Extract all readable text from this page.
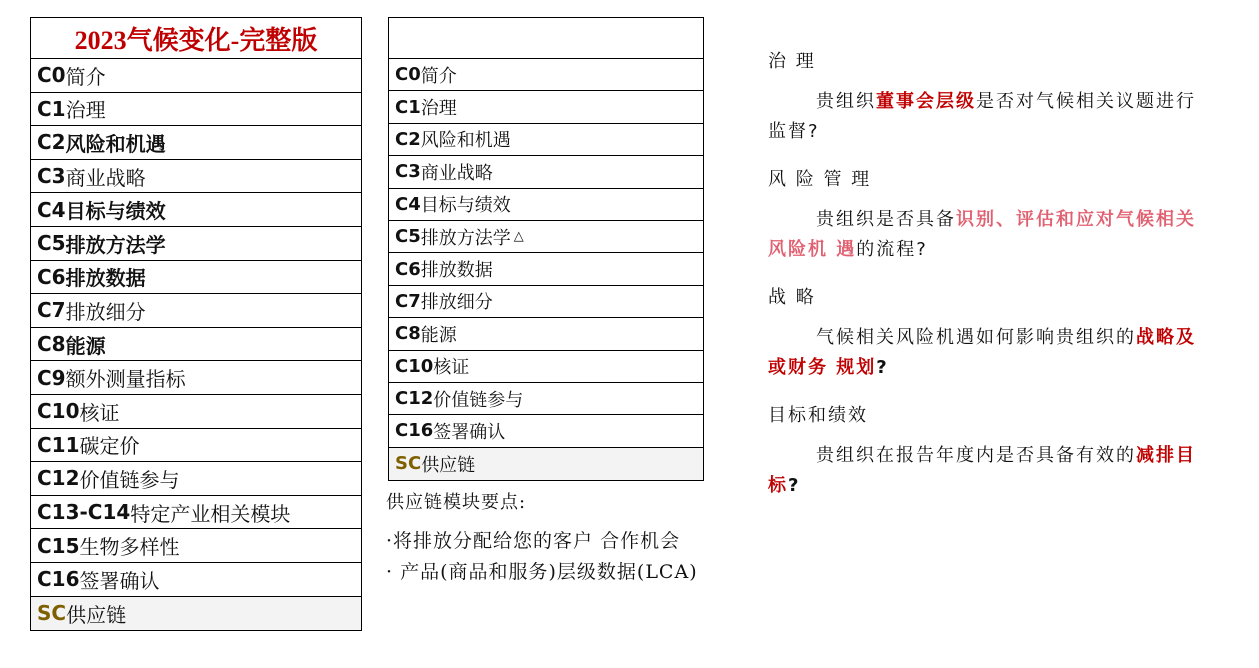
2023气候变化-完整版
C0 简介
C1 治理
C2 风险和机遇
C3 商业战略
C4 目标与绩效
C5 排放方法学
C6 排放数据
C7 排放细分
C8 能源
C9 额外测量指标
C10 核证
C11 碳定价
C12 价值链参与
C13-C14 特定产业相关模块
C15 生物多样性
C16 签署确认
SC 供应链
C0 简介
C1 治理
C2 风险和机遇
C3 商业战略
C4 目标与绩效
C5 排放方法学 △
C6 排放数据
C7 排放细分
C8 能源
C10 核证
C12 价值链参与
C16 签署确认
SC 供应链
供应链模块要点:
·将排放分配给您的客户 合作机会
· 产品(商品和服务)层级数据(LCA)
治 理
贵组织董事会层级是否对气候相关议题进行监督?
风 险 管 理
贵组织是否具备识别、评估和应对气候相关风险机 遇的流程?
战 略
气候相关风险机遇如何影响贵组织的战略及或财务 规划?
目标和绩效
贵组织在报告年度内是否具备有效的减排目标?
